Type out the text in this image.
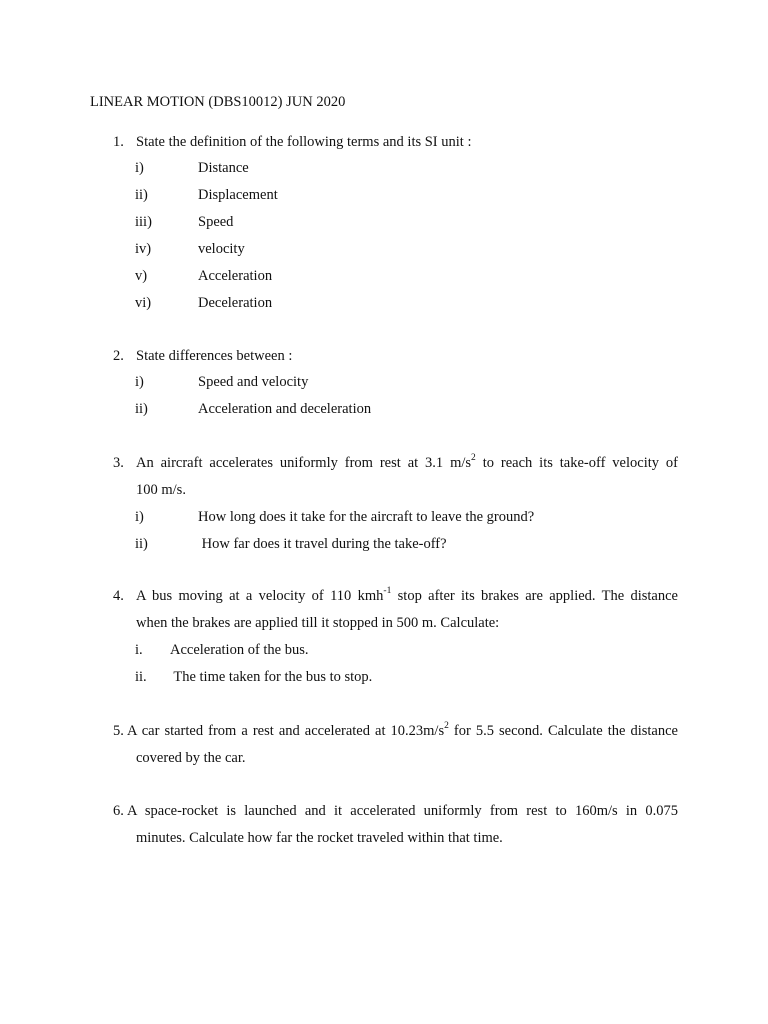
LINEAR MOTION (DBS10012) JUN 2020
1. State the definition of the following terms and its SI unit :
i)	Distance
ii)	Displacement
iii)	Speed
iv)	velocity
v)	Acceleration
vi)	Deceleration
2. State differences between :
i)	Speed and velocity
ii)	Acceleration and deceleration
3. An aircraft accelerates uniformly from rest at 3.1 $m/s^2$ to reach its take-off velocity of
100 m/s.
i)	How long does it take for the aircraft to leave the ground?
ii)	How far does it travel during the take-off?
4. A bus moving at a velocity of 110 kmh$^{-1}$ stop after its brakes are applied. The distance
when the brakes are applied till it stopped in 500 m. Calculate:
i. Acceleration of the bus.
ii. The time taken for the bus to stop.
5. A car started from a rest and accelerated at $10.23m/s^2$ for 5.5 second. Calculate the distance
covered by the car.
6. A space-rocket is launched and it accelerated uniformly from rest to 160m/s in 0.075
minutes. Calculate how far the rocket traveled within that time.
